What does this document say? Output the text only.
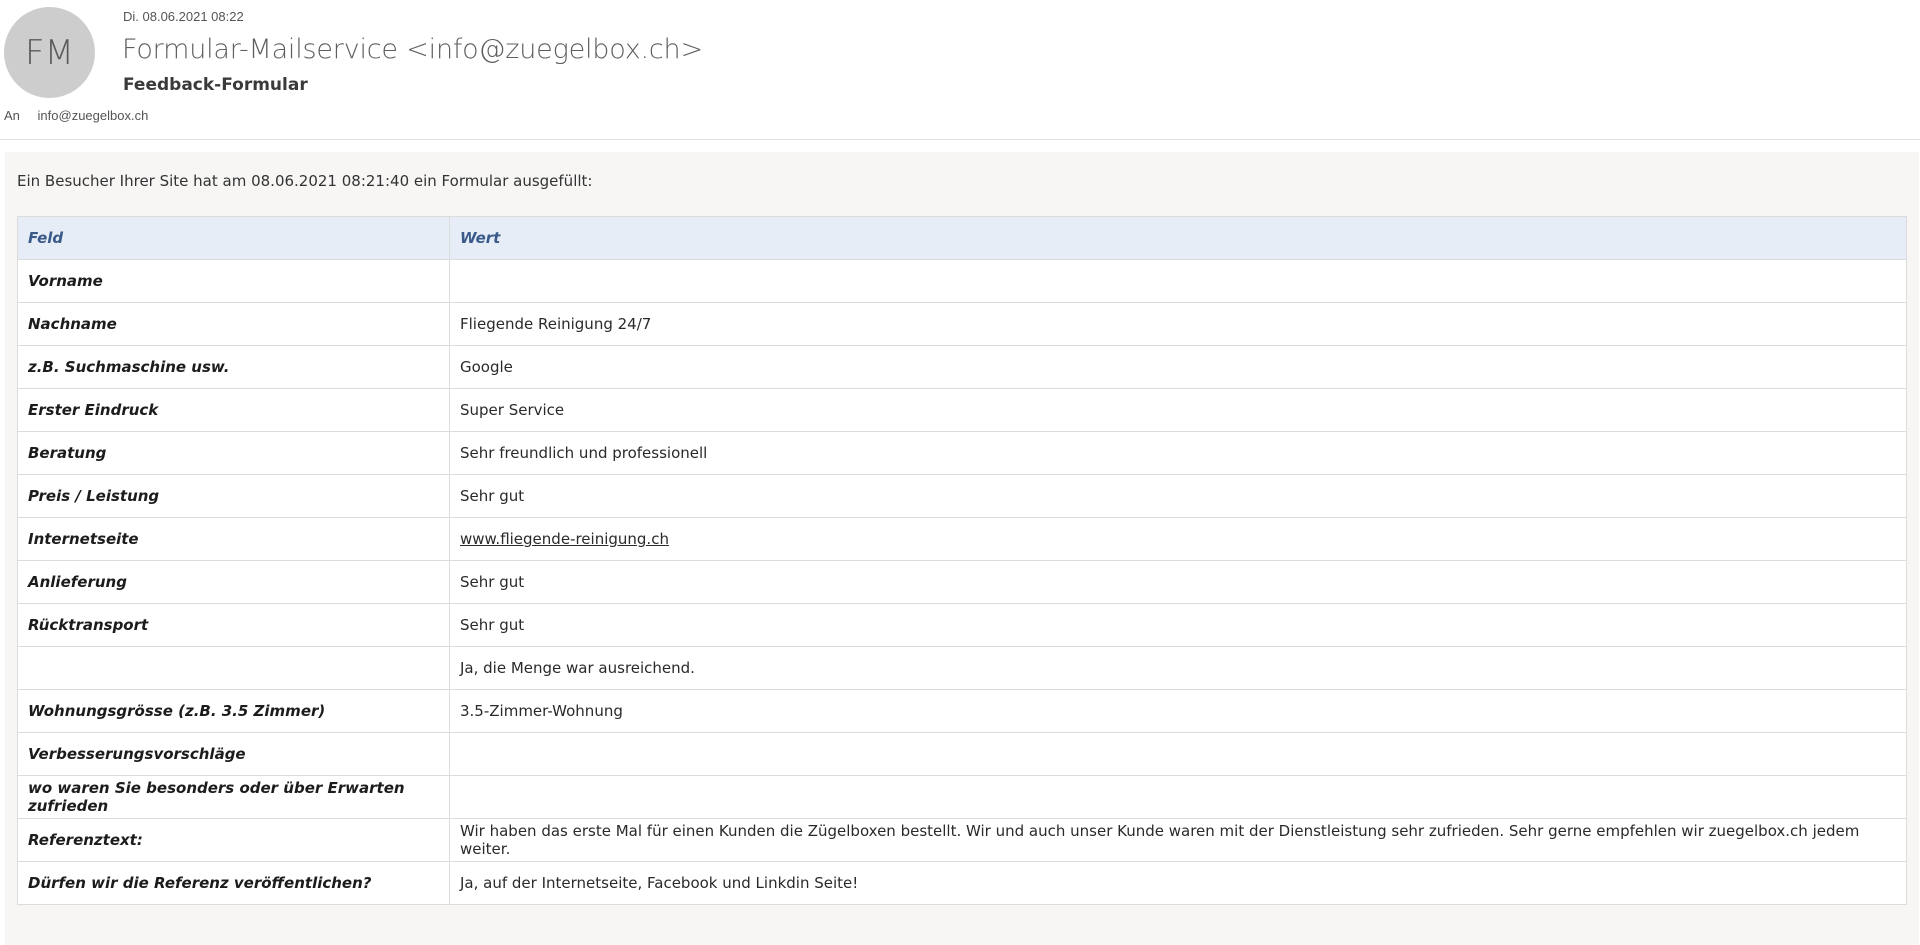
FM
Di. 08.06.2021 08:22
Formular-Mailservice <info@zuegelbox.ch>
Feedback-Formular
An info@zuegelbox.ch
Ein Besucher Ihrer Site hat am 08.06.2021 08:21:40 ein Formular ausgefüllt:
Feld	Wert
Vorname	
Nachname	Fliegende Reinigung 24/7
z.B. Suchmaschine usw.	Google
Erster Eindruck	Super Service
Beratung	Sehr freundlich und professionell
Preis / Leistung	Sehr gut
Internetseite	www.fliegende-reinigung.ch
Anlieferung	Sehr gut
Rücktransport	Sehr gut
	Ja, die Menge war ausreichend.
Wohnungsgrösse (z.B. 3.5 Zimmer)	3.5-Zimmer-Wohnung
Verbesserungsvorschläge	
wo waren Sie besonders oder über Erwarten zufrieden	
Referenztext:	Wir haben das erste Mal für einen Kunden die Zügelboxen bestellt. Wir und auch unser Kunde waren mit der Dienstleistung sehr zufrieden. Sehr gerne empfehlen wir zuegelbox.ch jedem weiter.
Dürfen wir die Referenz veröffentlichen?	Ja, auf der Internetseite, Facebook und Linkdin Seite!
